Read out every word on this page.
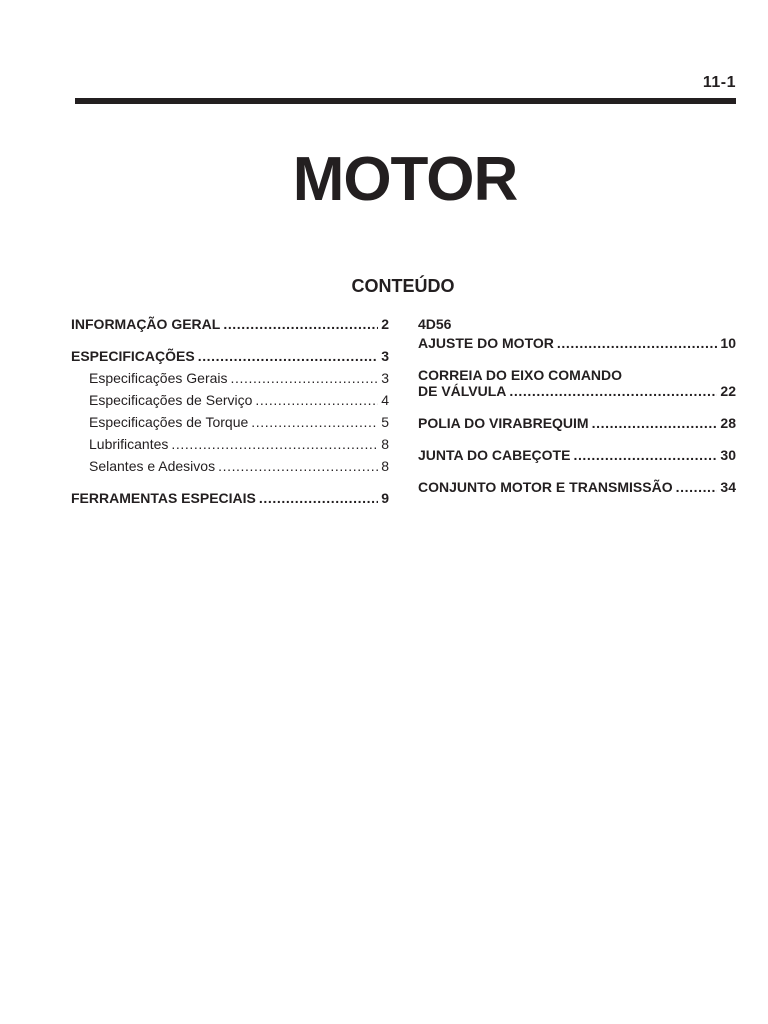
11-1
MOTOR
CONTEÚDO
INFORMAÇÃO GERAL .....	2
ESPECIFICAÇÕES .....	3
Especificações Gerais .....	3
Especificações de Serviço .....	4
Especificações de Torque .....	5
Lubrificantes .....	8
Selantes e Adesivos .....	8
FERRAMENTAS ESPECIAIS .....	9
4D56
AJUSTE DO MOTOR .....	10
CORREIA DO EIXO COMANDO
DE VÁLVULA .....	22
POLIA DO VIRABREQUIM .....	28
JUNTA DO CABEÇOTE .....	30
CONJUNTO MOTOR E TRANSMISSÃO .....	34
